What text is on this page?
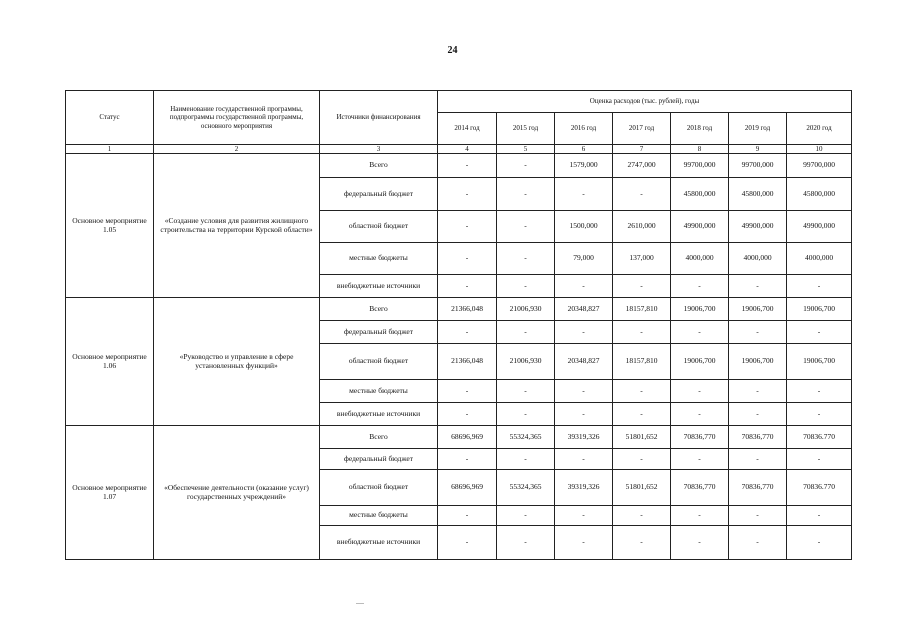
24
Статус	Наименование государственной программы, подпрограммы государственной программы, основного мероприятия	Источники финансирования	Оценка расходов (тыс. рублей), годы						
			2014 год	2015 год	2016 год	2017 год	2018 год	2019 год	2020 год
1	2	3	4	5	6	7	8	9	10
Основное мероприятие 1.05	«Создание условия для развития жилищного строительства на территории Курской области»	Всего	-	-	1579,000	2747,000	99700,000	99700,000	99700,000
		федеральный бюджет	-	-	-	-	45800,000	45800,000	45800,000
		областной бюджет	-	-	1500,000	2610,000	49900,000	49900,000	49900,000
		местные бюджеты	-	-	79,000	137,000	4000,000	4000,000	4000,000
		внебюджетные источники	-	-	-	-	-	-	-
Основное мероприятие 1.06	«Руководство и управление в сфере установленных функций»	Всего	21366,048	21006,930	20348,827	18157,810	19006,700	19006,700	19006,700
		федеральный бюджет	-	-	-	-	-	-	-
		областной бюджет	21366,048	21006,930	20348,827	18157,810	19006,700	19006,700	19006,700
		местные бюджеты	-	-	-	-	-	-	-
		внебюджетные источники	-	-	-	-	-	-	-
Основное мероприятие 1.07	«Обеспечение деятельности (оказание услуг) государственных учреждений»	Всего	68696,969	55324,365	39319,326	51801,652	70836,770	70836,770	70836.770
		федеральный бюджет	-	-	-	-	-	-	-
		областной бюджет	68696,969	55324,365	39319,326	51801,652	70836,770	70836,770	70836.770
		местные бюджеты	-	-	-	-	-	-	-
		внебюджетные источники	-	-	-	-	-	-	-
